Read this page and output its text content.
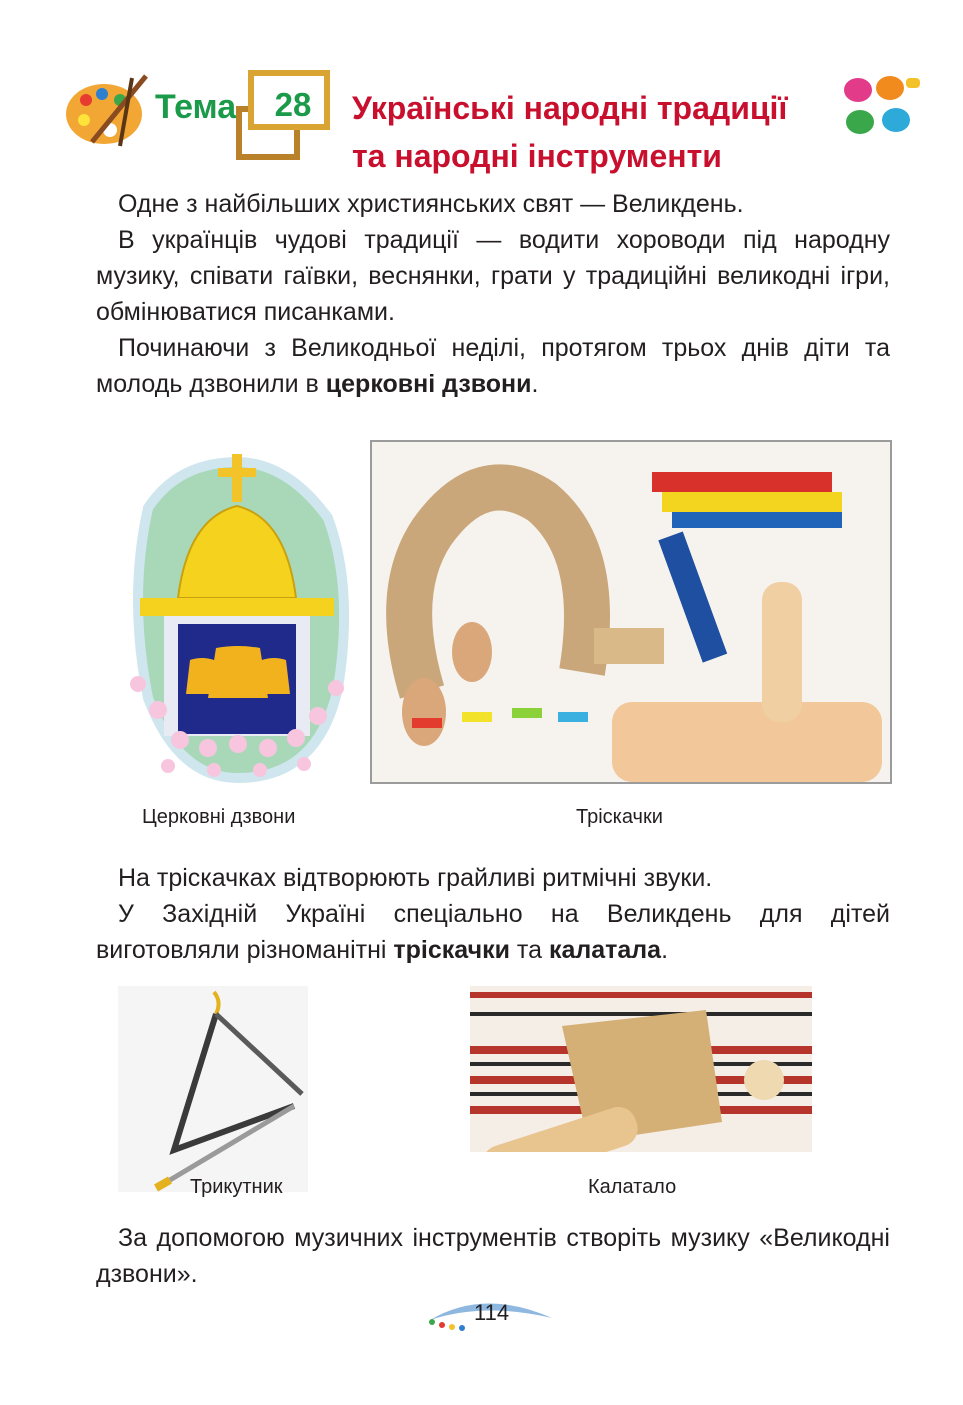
Тема	28	Українські народні традиції
та народні інструменти

Одне з найбільших християнських свят — Великдень.

В українців чудові традиції — водити хороводи під народну музику, співати гаївки, веснянки, грати у традиційні великодні ігри, обмінюватися писанками.

Починаючи з Великодньої неділі, протягом трьох днів діти та молодь дзвонили в церковні дзвони.

Церковні дзвони	Тріскачки

На тріскачках відтворюють грайливі ритмічні звуки.

У Західній Україні спеціально на Великдень для дітей виготовляли різноманітні тріскачки та калатала.

Трикутник	Калатало

За допомогою музичних інструментів створіть музику «Великодні дзвони».

114
